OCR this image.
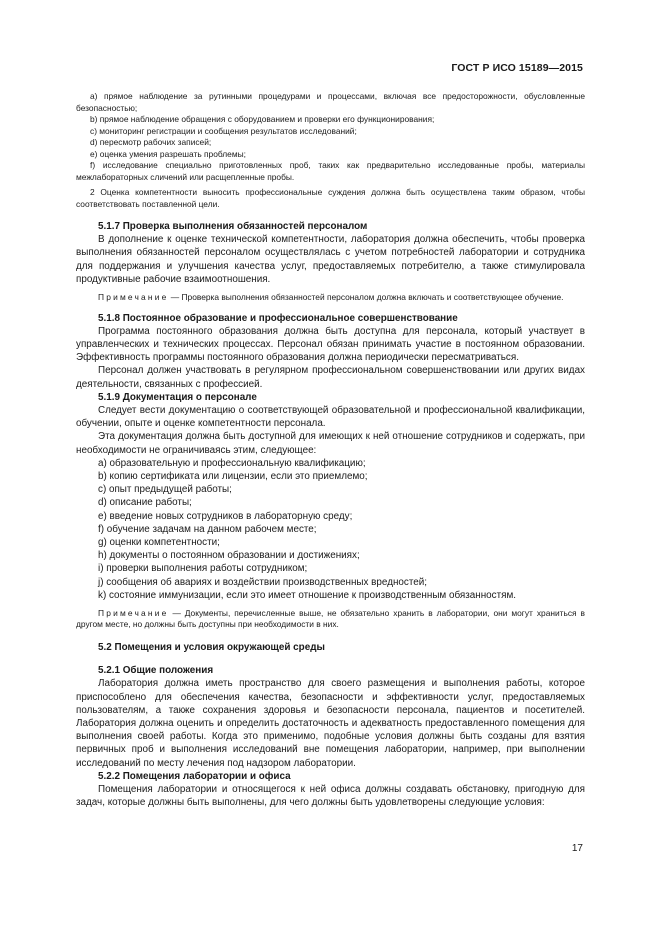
ГОСТ Р ИСО 15189—2015

a) прямое наблюдение за рутинными процедурами и процессами, включая все предосторожности, обусловленные безопасностью;

b) прямое наблюдение обращения с оборудованием и проверки его функционирования;

c) мониторинг регистрации и сообщения результатов исследований;

d) пересмотр рабочих записей;

e) оценка умения разрешать проблемы;

f) исследование специально приготовленных проб, таких как предварительно исследованные пробы, материалы межлабораторных сличений или расщепленные пробы.

2 Оценка компетентности выносить профессиональные суждения должна быть осуществлена таким образом, чтобы соответствовать поставленной цели.

5.1.7 Проверка выполнения обязанностей персоналом

В дополнение к оценке технической компетентности, лаборатория должна обеспечить, чтобы проверка выполнения обязанностей персоналом осуществлялась с учетом потребностей лаборатории и сотрудника для поддержания и улучшения качества услуг, предоставляемых потребителю, а также стимулировала продуктивные рабочие взаимоотношения.

Примечание — Проверка выполнения обязанностей персоналом должна включать и соответствующее обучение.

5.1.8 Постоянное образование и профессиональное совершенствование

Программа постоянного образования должна быть доступна для персонала, который участвует в управленческих и технических процессах. Персонал обязан принимать участие в постоянном образовании. Эффективность программы постоянного образования должна периодически пересматриваться.

Персонал должен участвовать в регулярном профессиональном совершенствовании или других видах деятельности, связанных с профессией.

5.1.9 Документация о персонале

Следует вести документацию о соответствующей образовательной и профессиональной квалификации, обучении, опыте и оценке компетентности персонала.

Эта документация должна быть доступной для имеющих к ней отношение сотрудников и содержать, при необходимости не ограничиваясь этим, следующее:

a) образовательную и профессиональную квалификацию;

b) копию сертификата или лицензии, если это приемлемо;

c) опыт предыдущей работы;

d) описание работы;

e) введение новых сотрудников в лабораторную среду;

f) обучение задачам на данном рабочем месте;

g) оценки компетентности;

h) документы о постоянном образовании и достижениях;

i) проверки выполнения работы сотрудником;

j) сообщения об авариях и воздействии производственных вредностей;

k) состояние иммунизации, если это имеет отношение к производственным обязанностям.

Примечание — Документы, перечисленные выше, не обязательно хранить в лаборатории, они могут храниться в другом месте, но должны быть доступны при необходимости в них.

5.2 Помещения и условия окружающей среды

5.2.1 Общие положения

Лаборатория должна иметь пространство для своего размещения и выполнения работы, которое приспособлено для обеспечения качества, безопасности и эффективности услуг, предоставляемых пользователям, а также сохранения здоровья и безопасности персонала, пациентов и посетителей. Лаборатория должна оценить и определить достаточность и адекватность предоставленного помещения для выполнения своей работы. Когда это применимо, подобные условия должны быть созданы для взятия первичных проб и выполнения исследований вне помещения лаборатории, например, при выполнении исследований по месту лечения под надзором лаборатории.

5.2.2 Помещения лаборатории и офиса

Помещения лаборатории и относящегося к ней офиса должны создавать обстановку, пригодную для задач, которые должны быть выполнены, для чего должны быть удовлетворены следующие условия:

17
